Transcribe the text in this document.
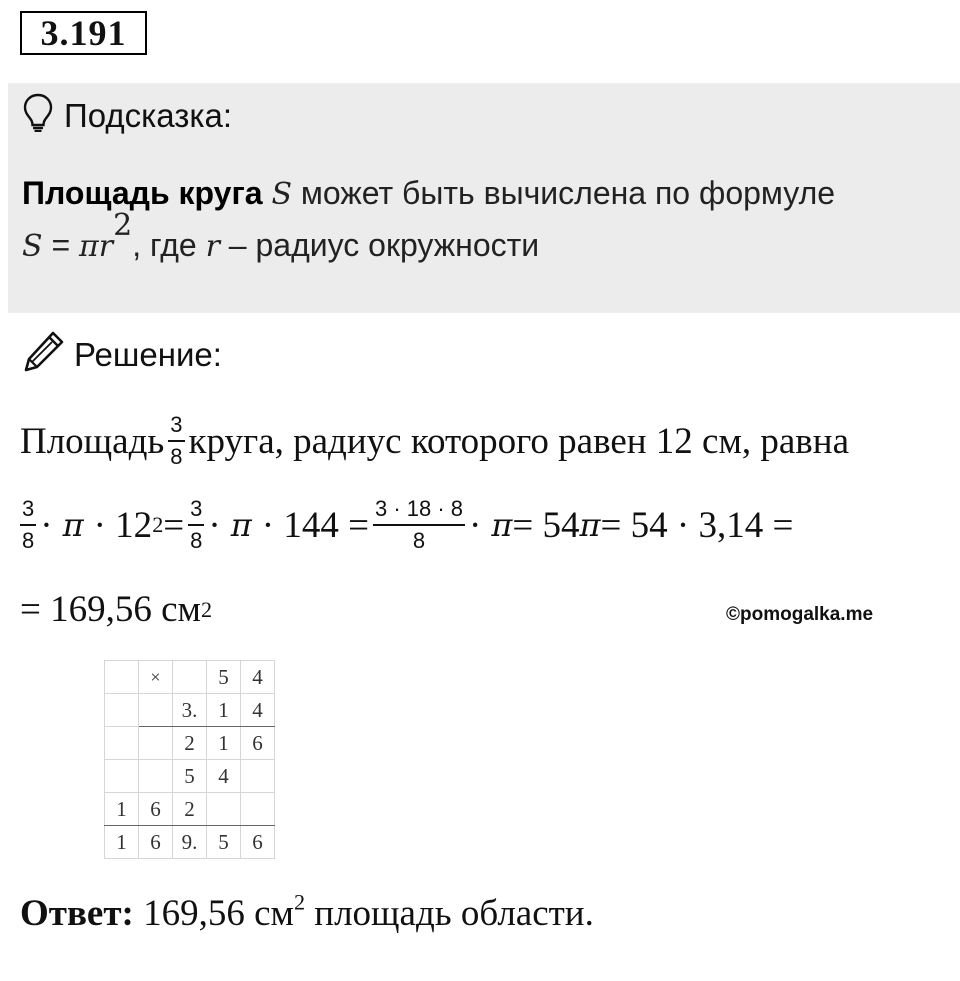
3.191
Подсказка:
Площадь круга S может быть вычислена по формуле
$S = \pi r^2$, где r – радиус окружности
Решение:
Площадь $\frac{3}{8}$ круга, радиус которого равен 12 см, равна
$\frac{3}{8} \cdot \pi \cdot 12$ $2 = \frac{3}{8} \cdot \pi \cdot 144 = \frac{3 \cdot 18 \cdot 8}{8} \cdot \pi = 54$ π = 54 · 3,14 =
= 169,56 см 2	©pomogalka.me
	×		5	4
		3.	1	4
		2	1	6
		5	4	
1	6	2		
1	6	9.	5	6
Ответ: 169,56 $см^2$ площадь области.
